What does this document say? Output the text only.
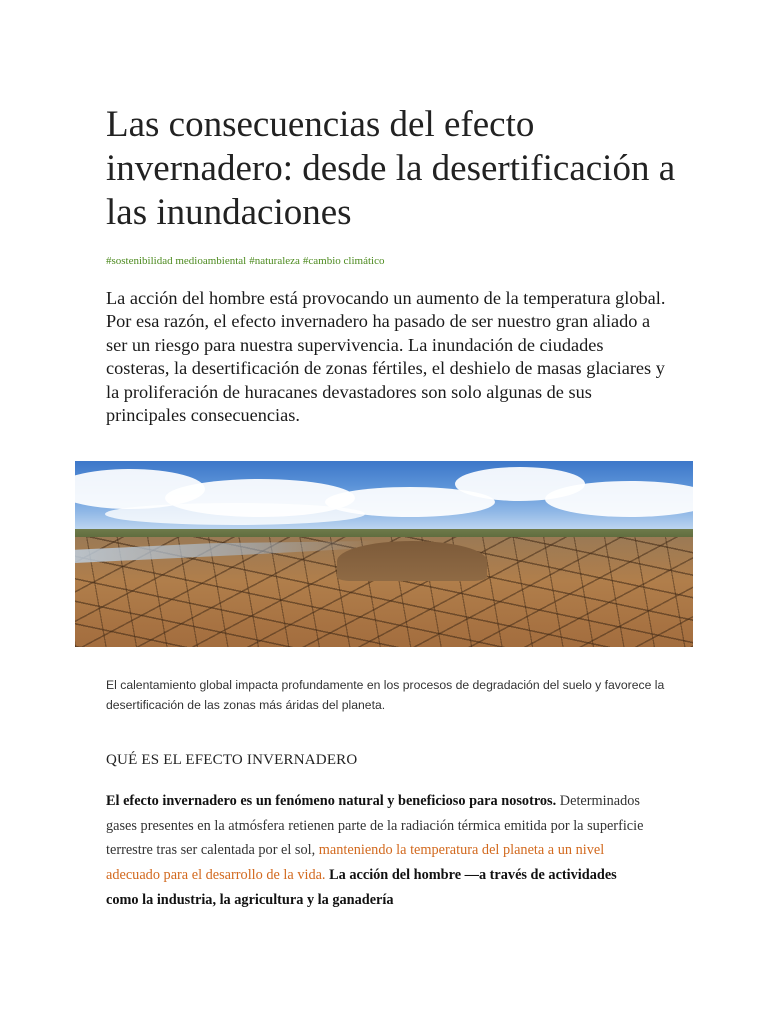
Las consecuencias del efecto invernadero: desde la desertificación a las inundaciones
#sostenibilidad medioambiental #naturaleza #cambio climático

La acción del hombre está provocando un aumento de la temperatura global. Por esa razón, el efecto invernadero ha pasado de ser nuestro gran aliado a ser un riesgo para nuestra supervivencia. La inundación de ciudades costeras, la desertificación de zonas fértiles, el deshielo de masas glaciares y la proliferación de huracanes devastadores son solo algunas de sus principales consecuencias.

El calentamiento global impacta profundamente en los procesos de degradación del suelo y favorece la desertificación de las zonas más áridas del planeta.

QUÉ ES EL EFECTO INVERNADERO

El efecto invernadero es un fenómeno natural y beneficioso para nosotros. Determinados gases presentes en la atmósfera retienen parte de la radiación térmica emitida por la superficie terrestre tras ser calentada por el sol, manteniendo la temperatura del planeta a un nivel adecuado para el desarrollo de la vida. La acción del hombre —a través de actividades como la industria, la agricultura y la ganadería
